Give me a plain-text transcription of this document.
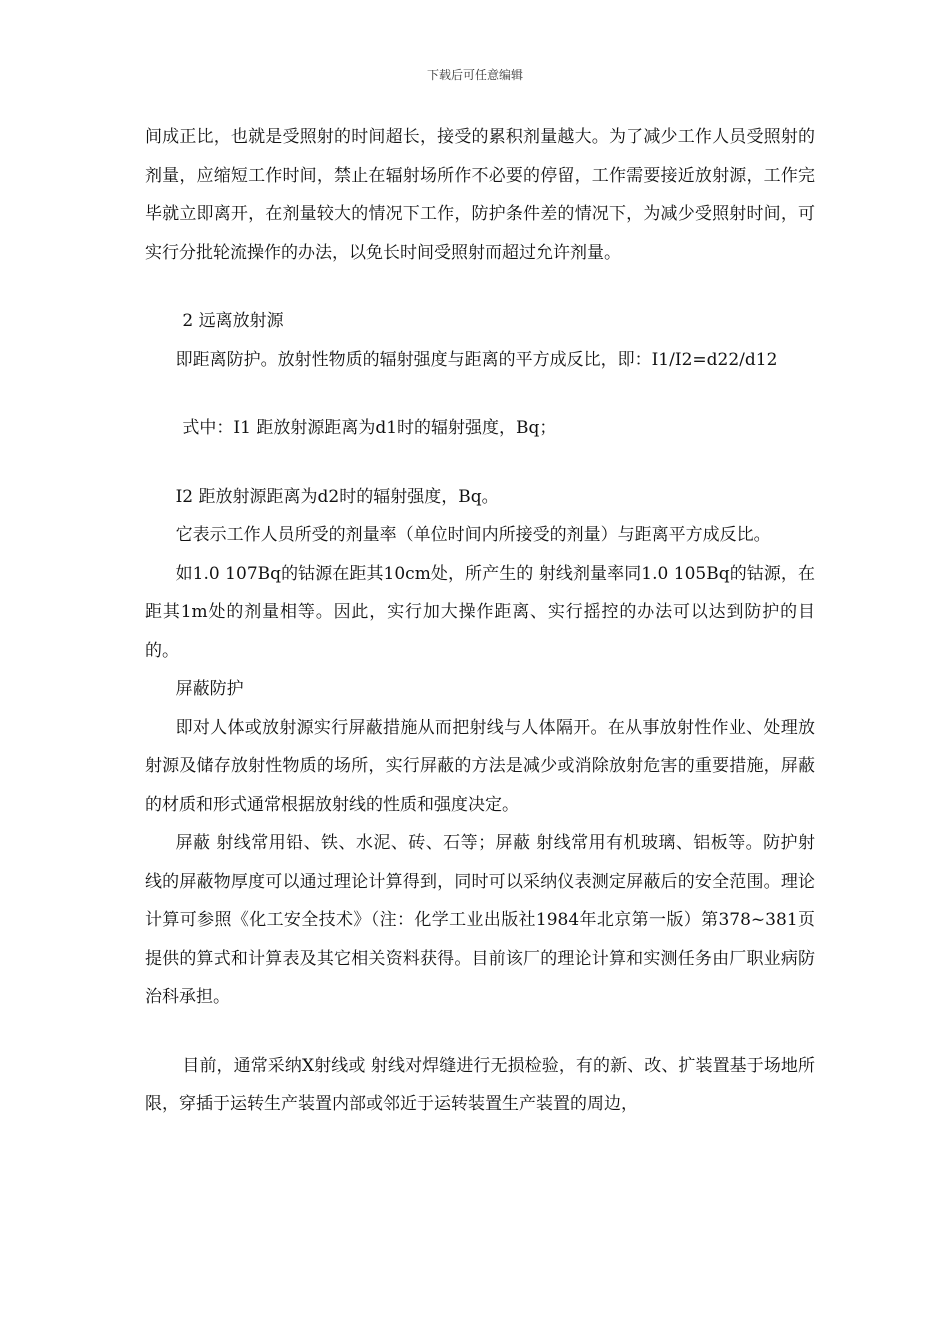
下载后可任意编辑

间成正比，也就是受照射的时间超长，接受的累积剂量越大。为了减少工作人员受照射的剂量，应缩短工作时间，禁止在辐射场所作不必要的停留，工作需要接近放射源，工作完毕就立即离开，在剂量较大的情况下工作，防护条件差的情况下，为减少受照射时间，可实行分批轮流操作的办法，以免长时间受照射而超过允许剂量。

2 远离放射源

即距离防护。放射性物质的辐射强度与距离的平方成反比，即：I1/I2=d22/d12

式中：I1 距放射源距离为d1时的辐射强度，Bq；

I2 距放射源距离为d2时的辐射强度，Bq。

它表示工作人员所受的剂量率（单位时间内所接受的剂量）与距离平方成反比。

如1.0 107Bq的钴源在距其10cm处，所产生的 射线剂量率同1.0 105Bq的钴源，在距其1m处的剂量相等。因此，实行加大操作距离、实行摇控的办法可以达到防护的目的。

屏蔽防护

即对人体或放射源实行屏蔽措施从而把射线与人体隔开。在从事放射性作业、处理放射源及储存放射性物质的场所，实行屏蔽的方法是减少或消除放射危害的重要措施，屏蔽的材质和形式通常根据放射线的性质和强度决定。

屏蔽 射线常用铅、铁、水泥、砖、石等；屏蔽 射线常用有机玻璃、铝板等。防护射线的屏蔽物厚度可以通过理论计算得到，同时可以采纳仪表测定屏蔽后的安全范围。理论计算可参照《化工安全技术》（注：化学工业出版社1984年北京第一版）第378~381页提供的算式和计算表及其它相关资料获得。目前该厂的理论计算和实测任务由厂职业病防治科承担。

目前，通常采纳X射线或 射线对焊缝进行无损检验，有的新、改、扩装置基于场地所限，穿插于运转生产装置内部或邻近于运转装置生产装置的周边，
